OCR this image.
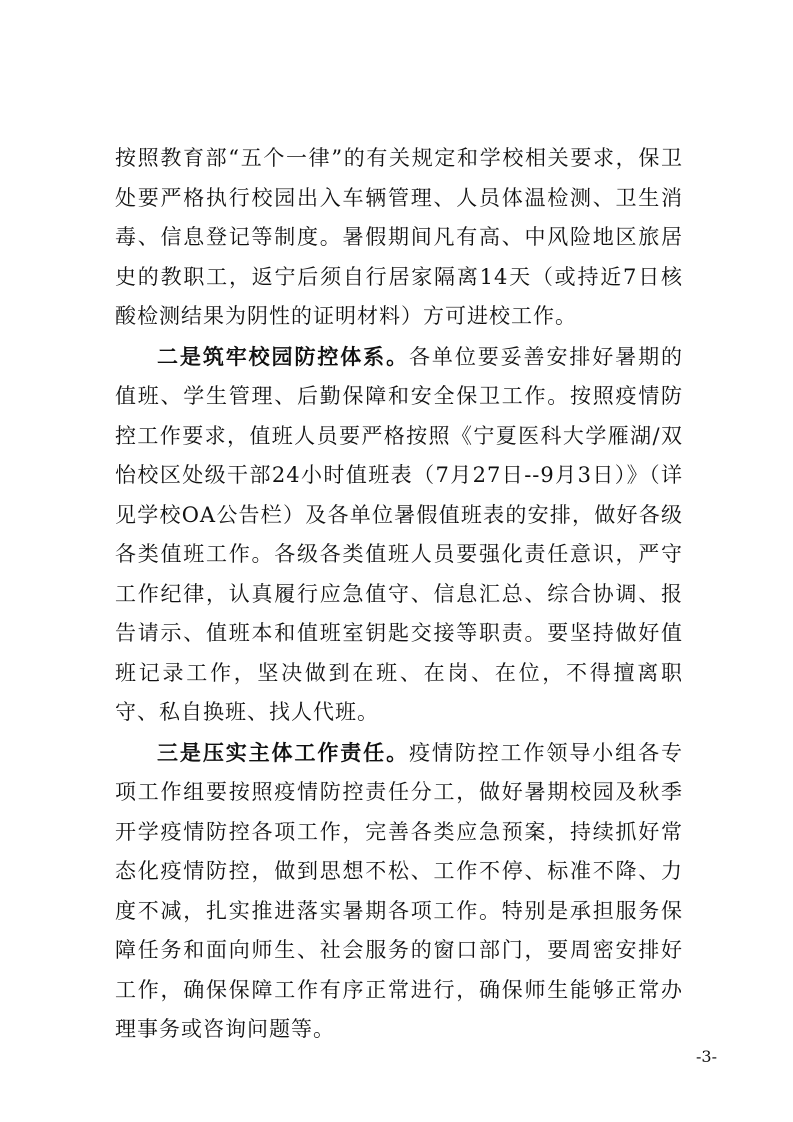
按照教育部“五个一律”的有关规定和学校相关要求，保卫处要严格执行校园出入车辆管理、人员体温检测、卫生消毒、信息登记等制度。暑假期间凡有高、中风险地区旅居史的教职工，返宁后须自行居家隔离14天（或持近7日核酸检测结果为阴性的证明材料）方可进校工作。

二是筑牢校园防控体系。各单位要妥善安排好暑期的值班、学生管理、后勤保障和安全保卫工作。按照疫情防控工作要求，值班人员要严格按照《宁夏医科大学雁湖/双怡校区处级干部24小时值班表（7月27日--9月3日）》（详见学校OA公告栏）及各单位暑假值班表的安排，做好各级各类值班工作。各级各类值班人员要强化责任意识，严守工作纪律，认真履行应急值守、信息汇总、综合协调、报告请示、值班本和值班室钥匙交接等职责。要坚持做好值班记录工作，坚决做到在班、在岗、在位，不得擅离职守、私自换班、找人代班。

三是压实主体工作责任。疫情防控工作领导小组各专项工作组要按照疫情防控责任分工，做好暑期校园及秋季开学疫情防控各项工作，完善各类应急预案，持续抓好常态化疫情防控，做到思想不松、工作不停、标准不降、力度不减，扎实推进落实暑期各项工作。特别是承担服务保障任务和面向师生、社会服务的窗口部门，要周密安排好工作，确保保障工作有序正常进行，确保师生能够正常办理事务或咨询问题等。

-3-
